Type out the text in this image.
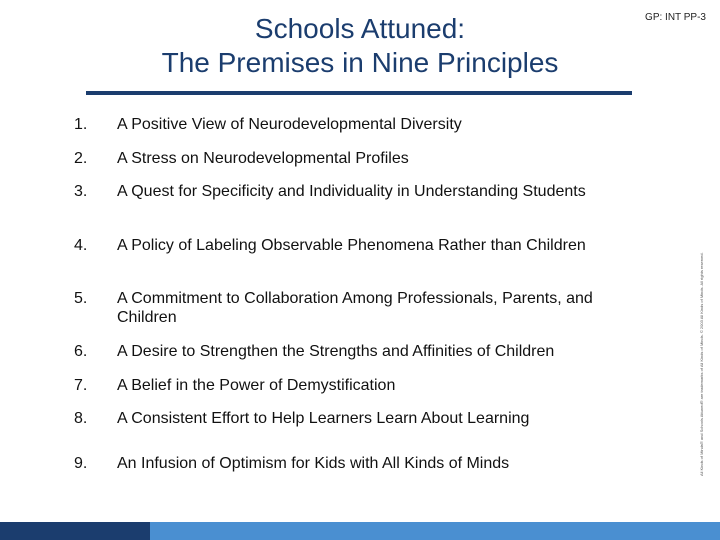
Schools Attuned:
The Premises in Nine Principles
GP: INT PP-3
All Kinds of Minds® and Schools Attuned® are trademarks of All Kinds of Minds. © 2003 All Kinds of Minds. All rights reserved.
1.	A Positive View of Neurodevelopmental Diversity
2.	A Stress on Neurodevelopmental Profiles
3.	A Quest for Specificity and Individuality in Understanding Students
4.	A Policy of Labeling Observable Phenomena Rather than Children
5.	A Commitment to Collaboration Among Professionals, Parents, and Children
6.	A Desire to Strengthen the Strengths and Affinities of Children
7.	A Belief in the Power of Demystification
8.	A Consistent Effort to Help Learners Learn About Learning
9.	An Infusion of Optimism for Kids with All Kinds of Minds
